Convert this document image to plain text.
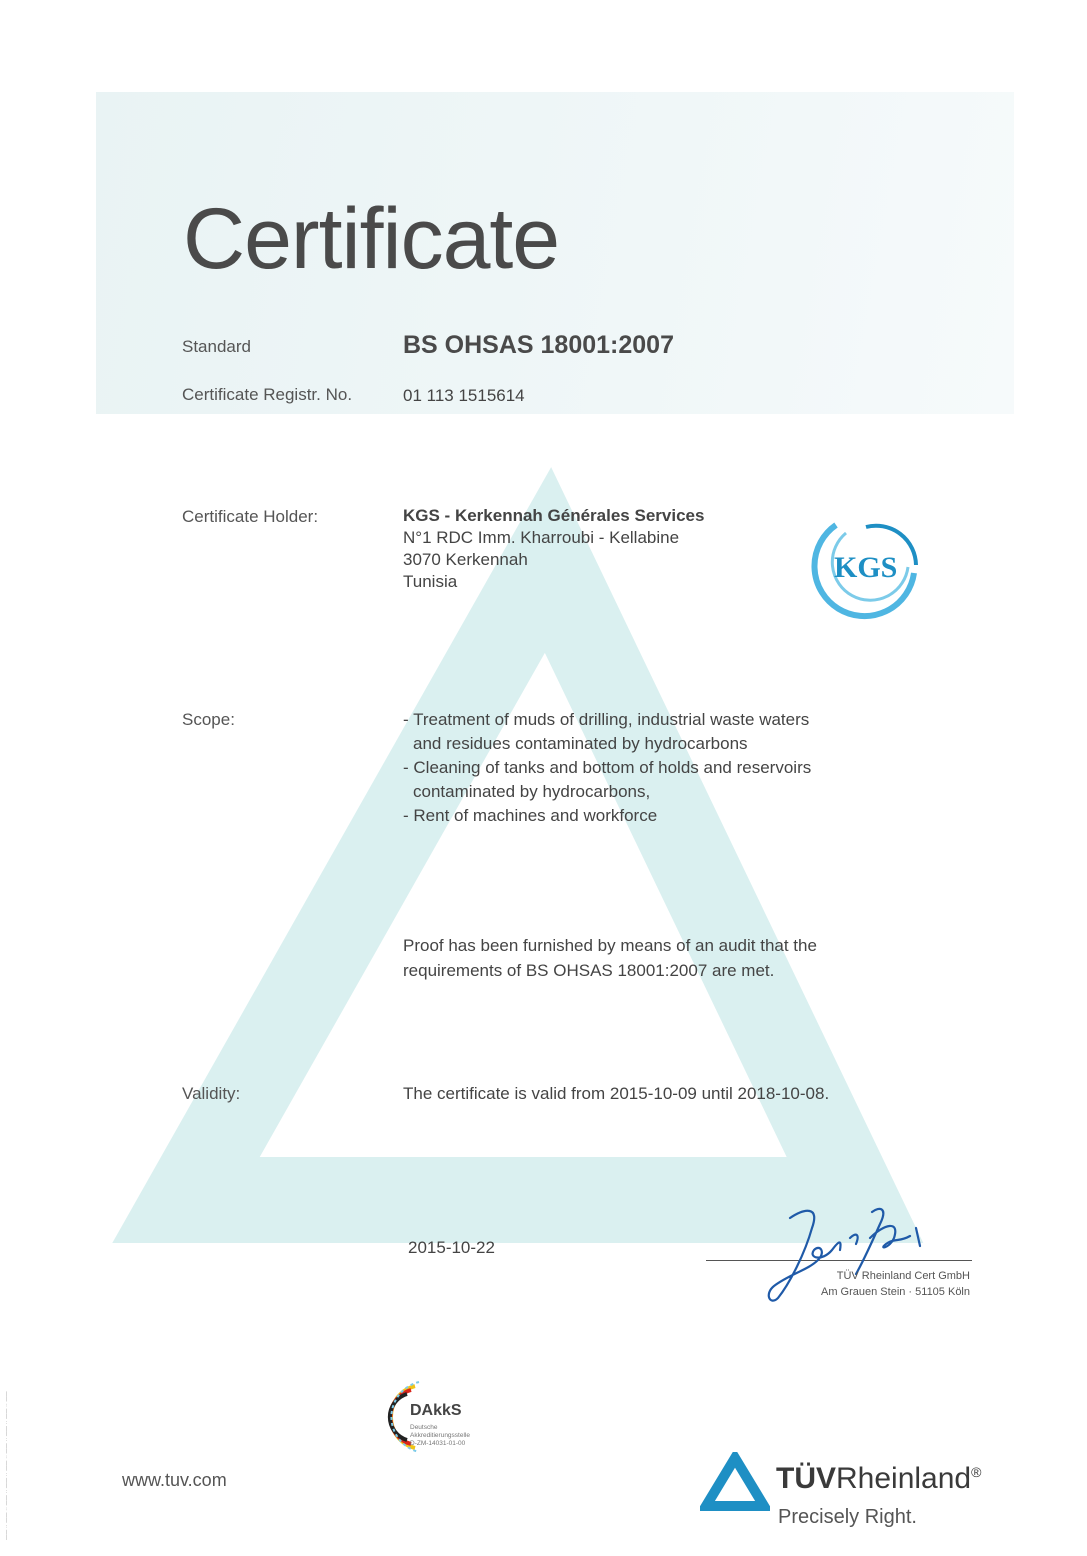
Certificate
Standard	BS OHSAS 18001:2007
Certificate Registr. No.	01 113 1515614
Certificate Holder:	KGS - Kerkennah Générales Services
N°1 RDC Imm. Kharroubi - Kellabine
3070 Kerkennah
Tunisia	KGS
Scope:	- Treatment of muds of drilling, industrial waste waters
and residues contaminated by hydrocarbons
- Cleaning of tanks and bottom of holds and reservoirs
contaminated by hydrocarbons,
- Rent of machines and workforce
Proof has been furnished by means of an audit that the
requirements of BS OHSAS 18001:2007 are met.
Validity:	The certificate is valid from 2015-10-09 until 2018-10-08.
2015-10-22
TÜV Rheinland Cert GmbH
Am Grauen Stein · 51105 Köln
DAkkS
Deutsche
Akkreditierungsstelle
D-ZM-14031-01-00
www.tuv.com	TÜVRheinland®
Precisely Right.
—— ·· —— ·· —— ·· —— ·· —— ·· —— ·· —— ·· —— ·· ——
